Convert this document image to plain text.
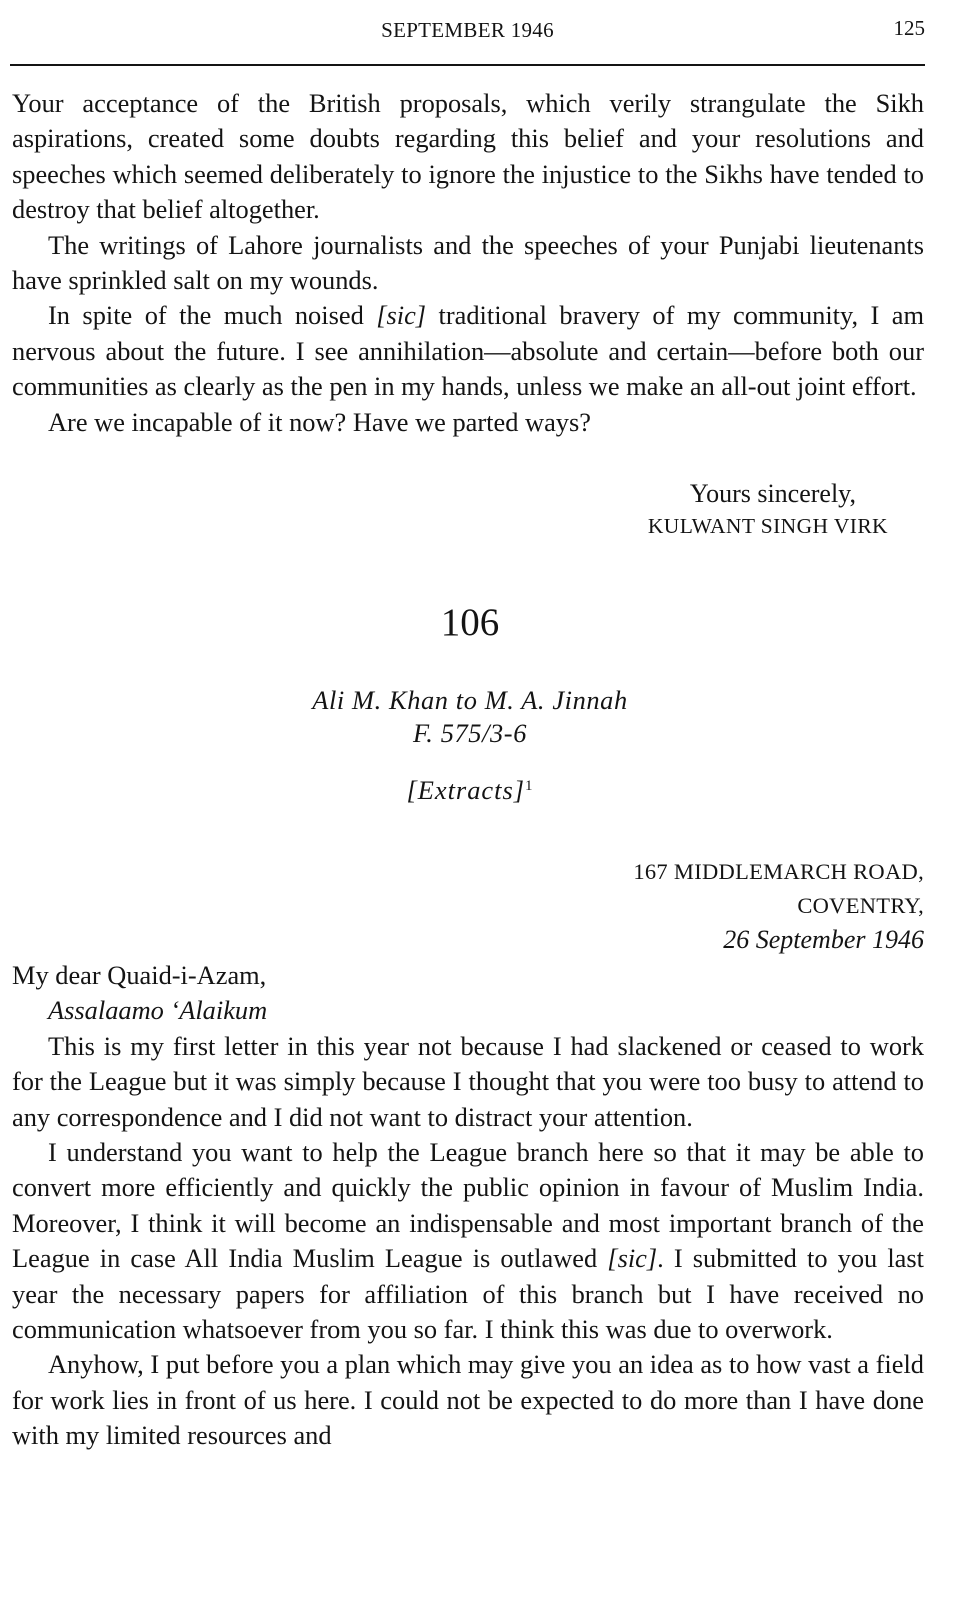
SEPTEMBER 1946	125

Your acceptance of the British proposals, which verily strangulate the Sikh aspirations, created some doubts regarding this belief and your resolutions and speeches which seemed deliberately to ignore the injustice to the Sikhs have tended to destroy that belief altogether.

The writings of Lahore journalists and the speeches of your Punjabi lieutenants have sprinkled salt on my wounds.

In spite of the much noised [sic] traditional bravery of my community, I am nervous about the future. I see annihilation—absolute and certain—before both our communities as clearly as the pen in my hands, unless we make an all-out joint effort.

Are we incapable of it now? Have we parted ways?

Yours sincerely,
KULWANT SINGH VIRK
106
Ali M. Khan to M. A. Jinnah
F. 575/3-6
[Extracts]$^1$
167 MIDDLEMARCH ROAD,
COVENTRY,
26 September 1946

My dear Quaid-i-Azam,

Assalaamo ʻAlaikum

This is my first letter in this year not because I had slackened or ceased to work for the League but it was simply because I thought that you were too busy to attend to any correspondence and I did not want to distract your attention.

I understand you want to help the League branch here so that it may be able to convert more efficiently and quickly the public opinion in favour of Muslim India. Moreover, I think it will become an indispensable and most important branch of the League in case All India Muslim League is outlawed [sic]. I submitted to you last year the necessary papers for affiliation of this branch but I have received no communication whatsoever from you so far. I think this was due to overwork.

Anyhow, I put before you a plan which may give you an idea as to how vast a field for work lies in front of us here. I could not be expected to do more than I have done with my limited resources and
